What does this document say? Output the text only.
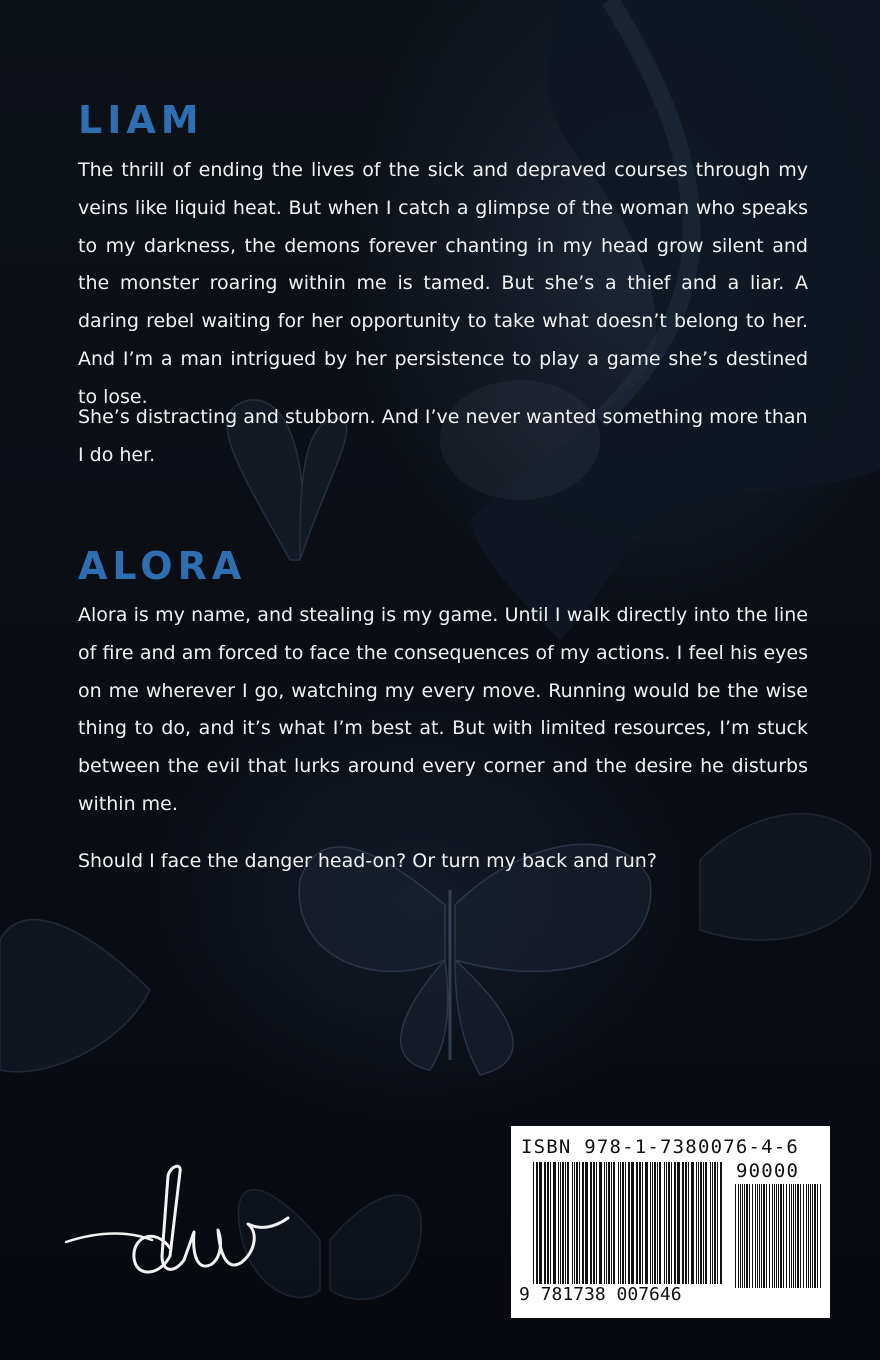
LIAM

The thrill of ending the lives of the sick and depraved courses through my veins like liquid heat. But when I catch a glimpse of the woman who speaks to my darkness, the demons forever chanting in my head grow silent and the monster roaring within me is tamed. But she’s a thief and a liar. A daring rebel waiting for her opportunity to take what doesn’t belong to her. And I’m a man intrigued by her persistence to play a game she’s destined to lose.

She’s distracting and stubborn. And I’ve never wanted something more than I do her.

ALORA

Alora is my name, and stealing is my game. Until I walk directly into the line of fire and am forced to face the consequences of my actions. I feel his eyes on me wherever I go, watching my every move. Running would be the wise thing to do, and it’s what I’m best at. But with limited resources, I’m stuck between the evil that lurks around every corner and the desire he disturbs within me.

Should I face the danger head-on? Or turn my back and run?

ISBN 978-1-7380076-4-6
90000
9 781738 007646
